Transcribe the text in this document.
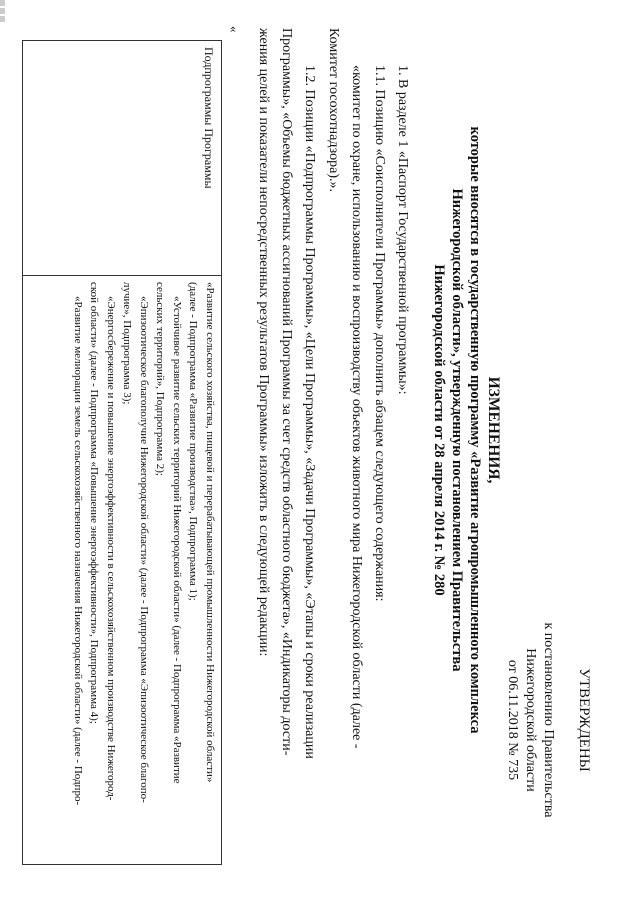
УТВЕРЖДЕНЫ
к постановлению Правительства
Нижегородской области
от 06.11.2018 № 735
ИЗМЕНЕНИЯ,
которые вносятся в государственную программу «Развитие агропромышленного комплекса
Нижегородской области», утвержденную постановлением Правительства
Нижегородской области от 28 апреля 2014 г. № 280
1. В разделе 1 «Паспорт Государственной программы»:
1.1. Позицию «Соисполнители Программы» дополнить абзацем следующего содержания:
«комитет по охране, использованию и воспроизводству объектов животного мира Нижегородской области (далее -
Комитет госохотнадзора).».
1.2. Позиции «Подпрограммы Программы», «Цели Программы», «Задачи Программы», «Этапы и сроки реализации
Программы», «Объемы бюджетных ассигнований Программы за счет средств областного бюджета», «Индикаторы дости-
жения целей и показатели непосредственных результатов Программы» изложить в следующей редакции:
«
Подпрограммы Программы
«Развитие сельского хозяйства, пищевой и перерабатывающей промышленности Нижегородской области»
(далее - Подпрограмма «Развитие производства», Подпрограмма 1);
«Устойчивое развитие сельских территорий Нижегородской области» (далее - Подпрограмма «Развитие
сельских территорий», Подпрограмма 2);
«Эпизоотическое благополучие Нижегородской области» (далее - Подпрограмма «Эпизоотическое благопо-
лучие», Подпрограмма 3);
«Энергосбережение и повышение энергоэффективности в сельскохозяйственном производстве Нижегород-
ской области» (далее - Подпрограмма «Повышение энергоэффективности», Подпрограмма 4);
«Развитие мелиорации земель сельскохозяйственного назначения Нижегородской области» (далее - Подпро-
